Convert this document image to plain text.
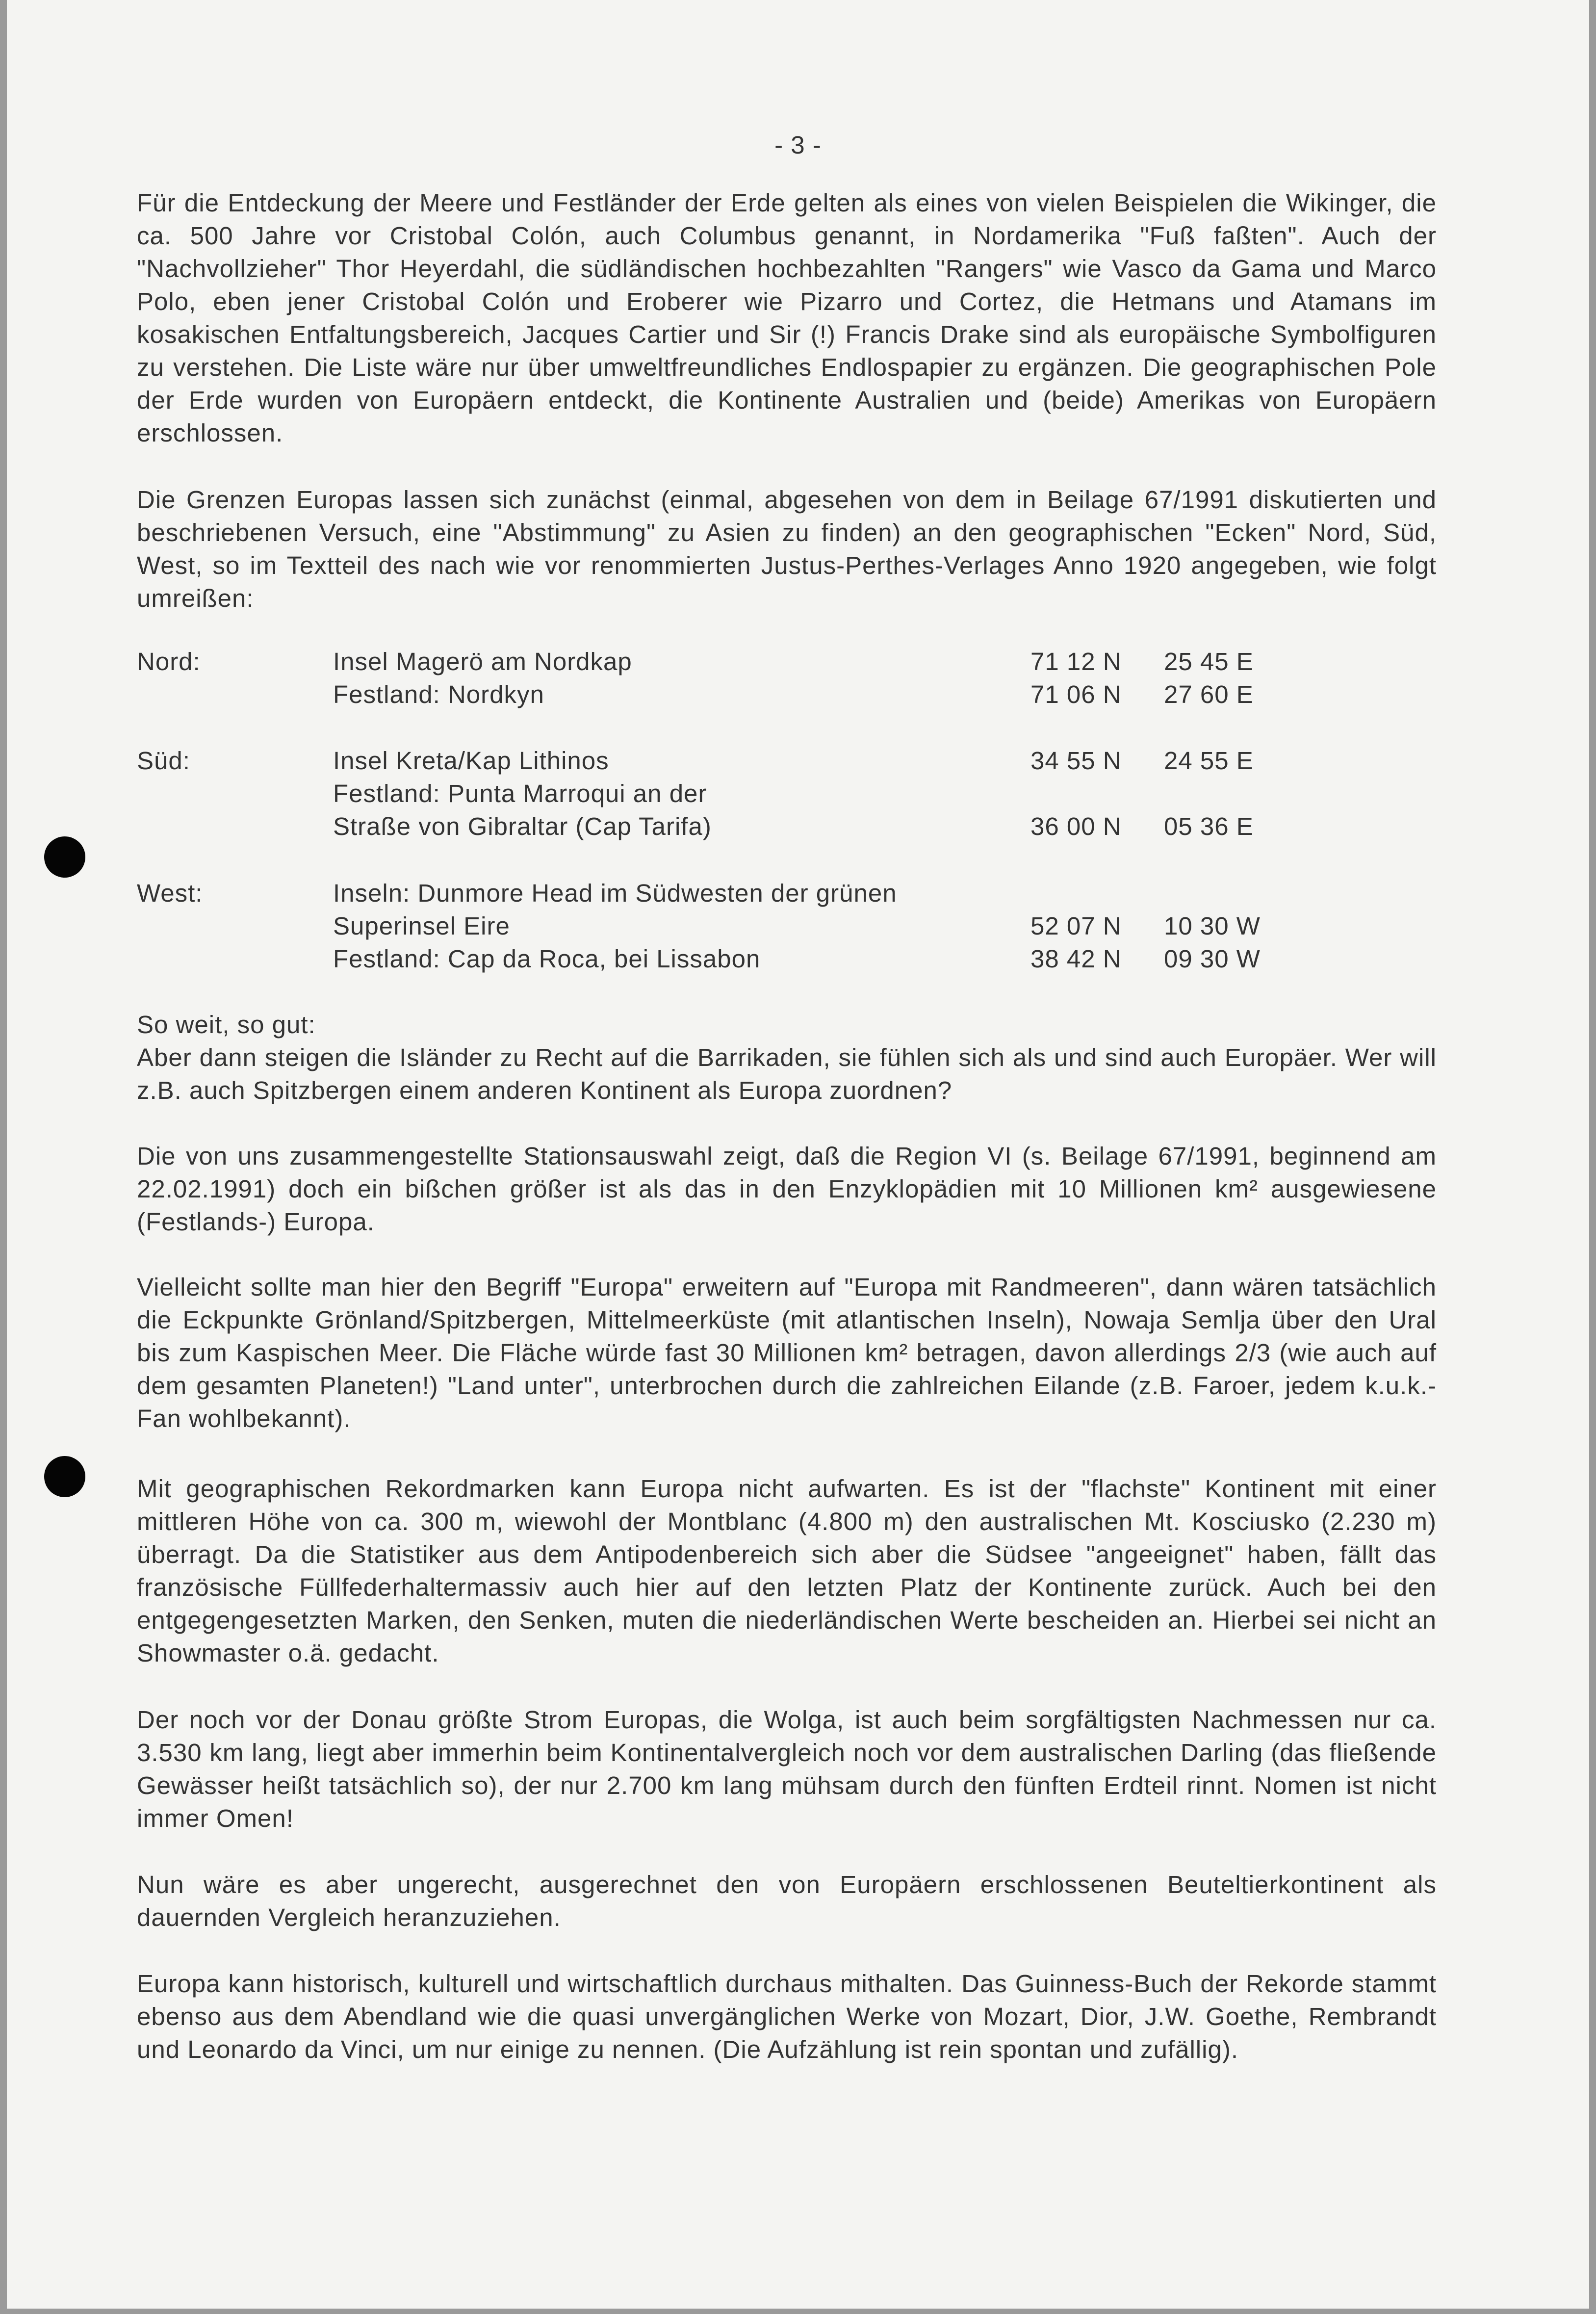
- 3 -

Für die Entdeckung der Meere und Festländer der Erde gelten als eines von vielen Beispielen die Wikinger, die ca. 500 Jahre vor Cristobal Colón, auch Columbus genannt, in Nordamerika "Fuß faßten". Auch der "Nachvollzieher" Thor Heyerdahl, die südländischen hochbezahlten "Rangers" wie Vasco da Gama und Marco Polo, eben jener Cristobal Colón und Eroberer wie Pizarro und Cortez, die Hetmans und Atamans im kosakischen Entfaltungsbereich, Jacques Cartier und Sir (!) Francis Drake sind als europäische Symbolfiguren zu verstehen. Die Liste wäre nur über umweltfreundliches Endlospapier zu ergänzen. Die geographischen Pole der Erde wurden von Europäern entdeckt, die Kontinente Australien und (beide) Amerikas von Europäern erschlossen.

Die Grenzen Europas lassen sich zunächst (einmal, abgesehen von dem in Beilage 67/1991 diskutierten und beschriebenen Versuch, eine "Abstimmung" zu Asien zu finden) an den geographischen "Ecken" Nord, Süd, West, so im Textteil des nach wie vor renommierten Justus-Perthes-Verlages Anno 1920 angegeben, wie folgt umreißen:

Nord:	Insel Magerö am Nordkap	71 12 N 25 45 E
Festland: Nordkyn	71 06 N 27 60 E
Süd:	Insel Kreta/Kap Lithinos	34 55 N 24 55 E
Festland: Punta Marroqui an der
Straße von Gibraltar (Cap Tarifa)	36 00 N 05 36 E
West:	Inseln: Dunmore Head im Südwesten der grünen
Superinsel Eire	52 07 N 10 30 W
Festland: Cap da Roca, bei Lissabon	38 42 N 09 30 W

So weit, so gut:

Aber dann steigen die Isländer zu Recht auf die Barrikaden, sie fühlen sich als und sind auch Europäer. Wer will z.B. auch Spitzbergen einem anderen Kontinent als Europa zuordnen?

Die von uns zusammengestellte Stationsauswahl zeigt, daß die Region VI (s. Beilage 67/1991, beginnend am 22.02.1991) doch ein bißchen größer ist als das in den Enzyklopädien mit 10 Millionen km² ausgewiesene (Festlands-) Europa.

Vielleicht sollte man hier den Begriff "Europa" erweitern auf "Europa mit Randmeeren", dann wären tatsächlich die Eckpunkte Grönland/Spitzbergen, Mittelmeerküste (mit atlantischen Inseln), Nowaja Semlja über den Ural bis zum Kaspischen Meer. Die Fläche würde fast 30 Millionen km² betragen, davon allerdings 2/3 (wie auch auf dem gesamten Planeten!) "Land unter", unterbrochen durch die zahlreichen Eilande (z.B. Faroer, jedem k.u.k.-Fan wohlbekannt).

Mit geographischen Rekordmarken kann Europa nicht aufwarten. Es ist der "flachste" Kontinent mit einer mittleren Höhe von ca. 300 m, wiewohl der Montblanc (4.800 m) den australischen Mt. Kosciusko (2.230 m) überragt. Da die Statistiker aus dem Antipodenbereich sich aber die Südsee "angeeignet" haben, fällt das französische Füllfederhaltermassiv auch hier auf den letzten Platz der Kontinente zurück. Auch bei den entgegengesetzten Marken, den Senken, muten die niederländischen Werte bescheiden an. Hierbei sei nicht an Showmaster o.ä. gedacht.

Der noch vor der Donau größte Strom Europas, die Wolga, ist auch beim sorgfältigsten Nachmessen nur ca. 3.530 km lang, liegt aber immerhin beim Kontinentalvergleich noch vor dem australischen Darling (das fließende Gewässer heißt tatsächlich so), der nur 2.700 km lang mühsam durch den fünften Erdteil rinnt. Nomen ist nicht immer Omen!

Nun wäre es aber ungerecht, ausgerechnet den von Europäern erschlossenen Beuteltierkontinent als dauernden Vergleich heranzuziehen.

Europa kann historisch, kulturell und wirtschaftlich durchaus mithalten. Das Guinness-Buch der Rekorde stammt ebenso aus dem Abendland wie die quasi unvergänglichen Werke von Mozart, Dior, J.W. Goethe, Rembrandt und Leonardo da Vinci, um nur einige zu nennen. (Die Aufzählung ist rein spontan und zufällig).
